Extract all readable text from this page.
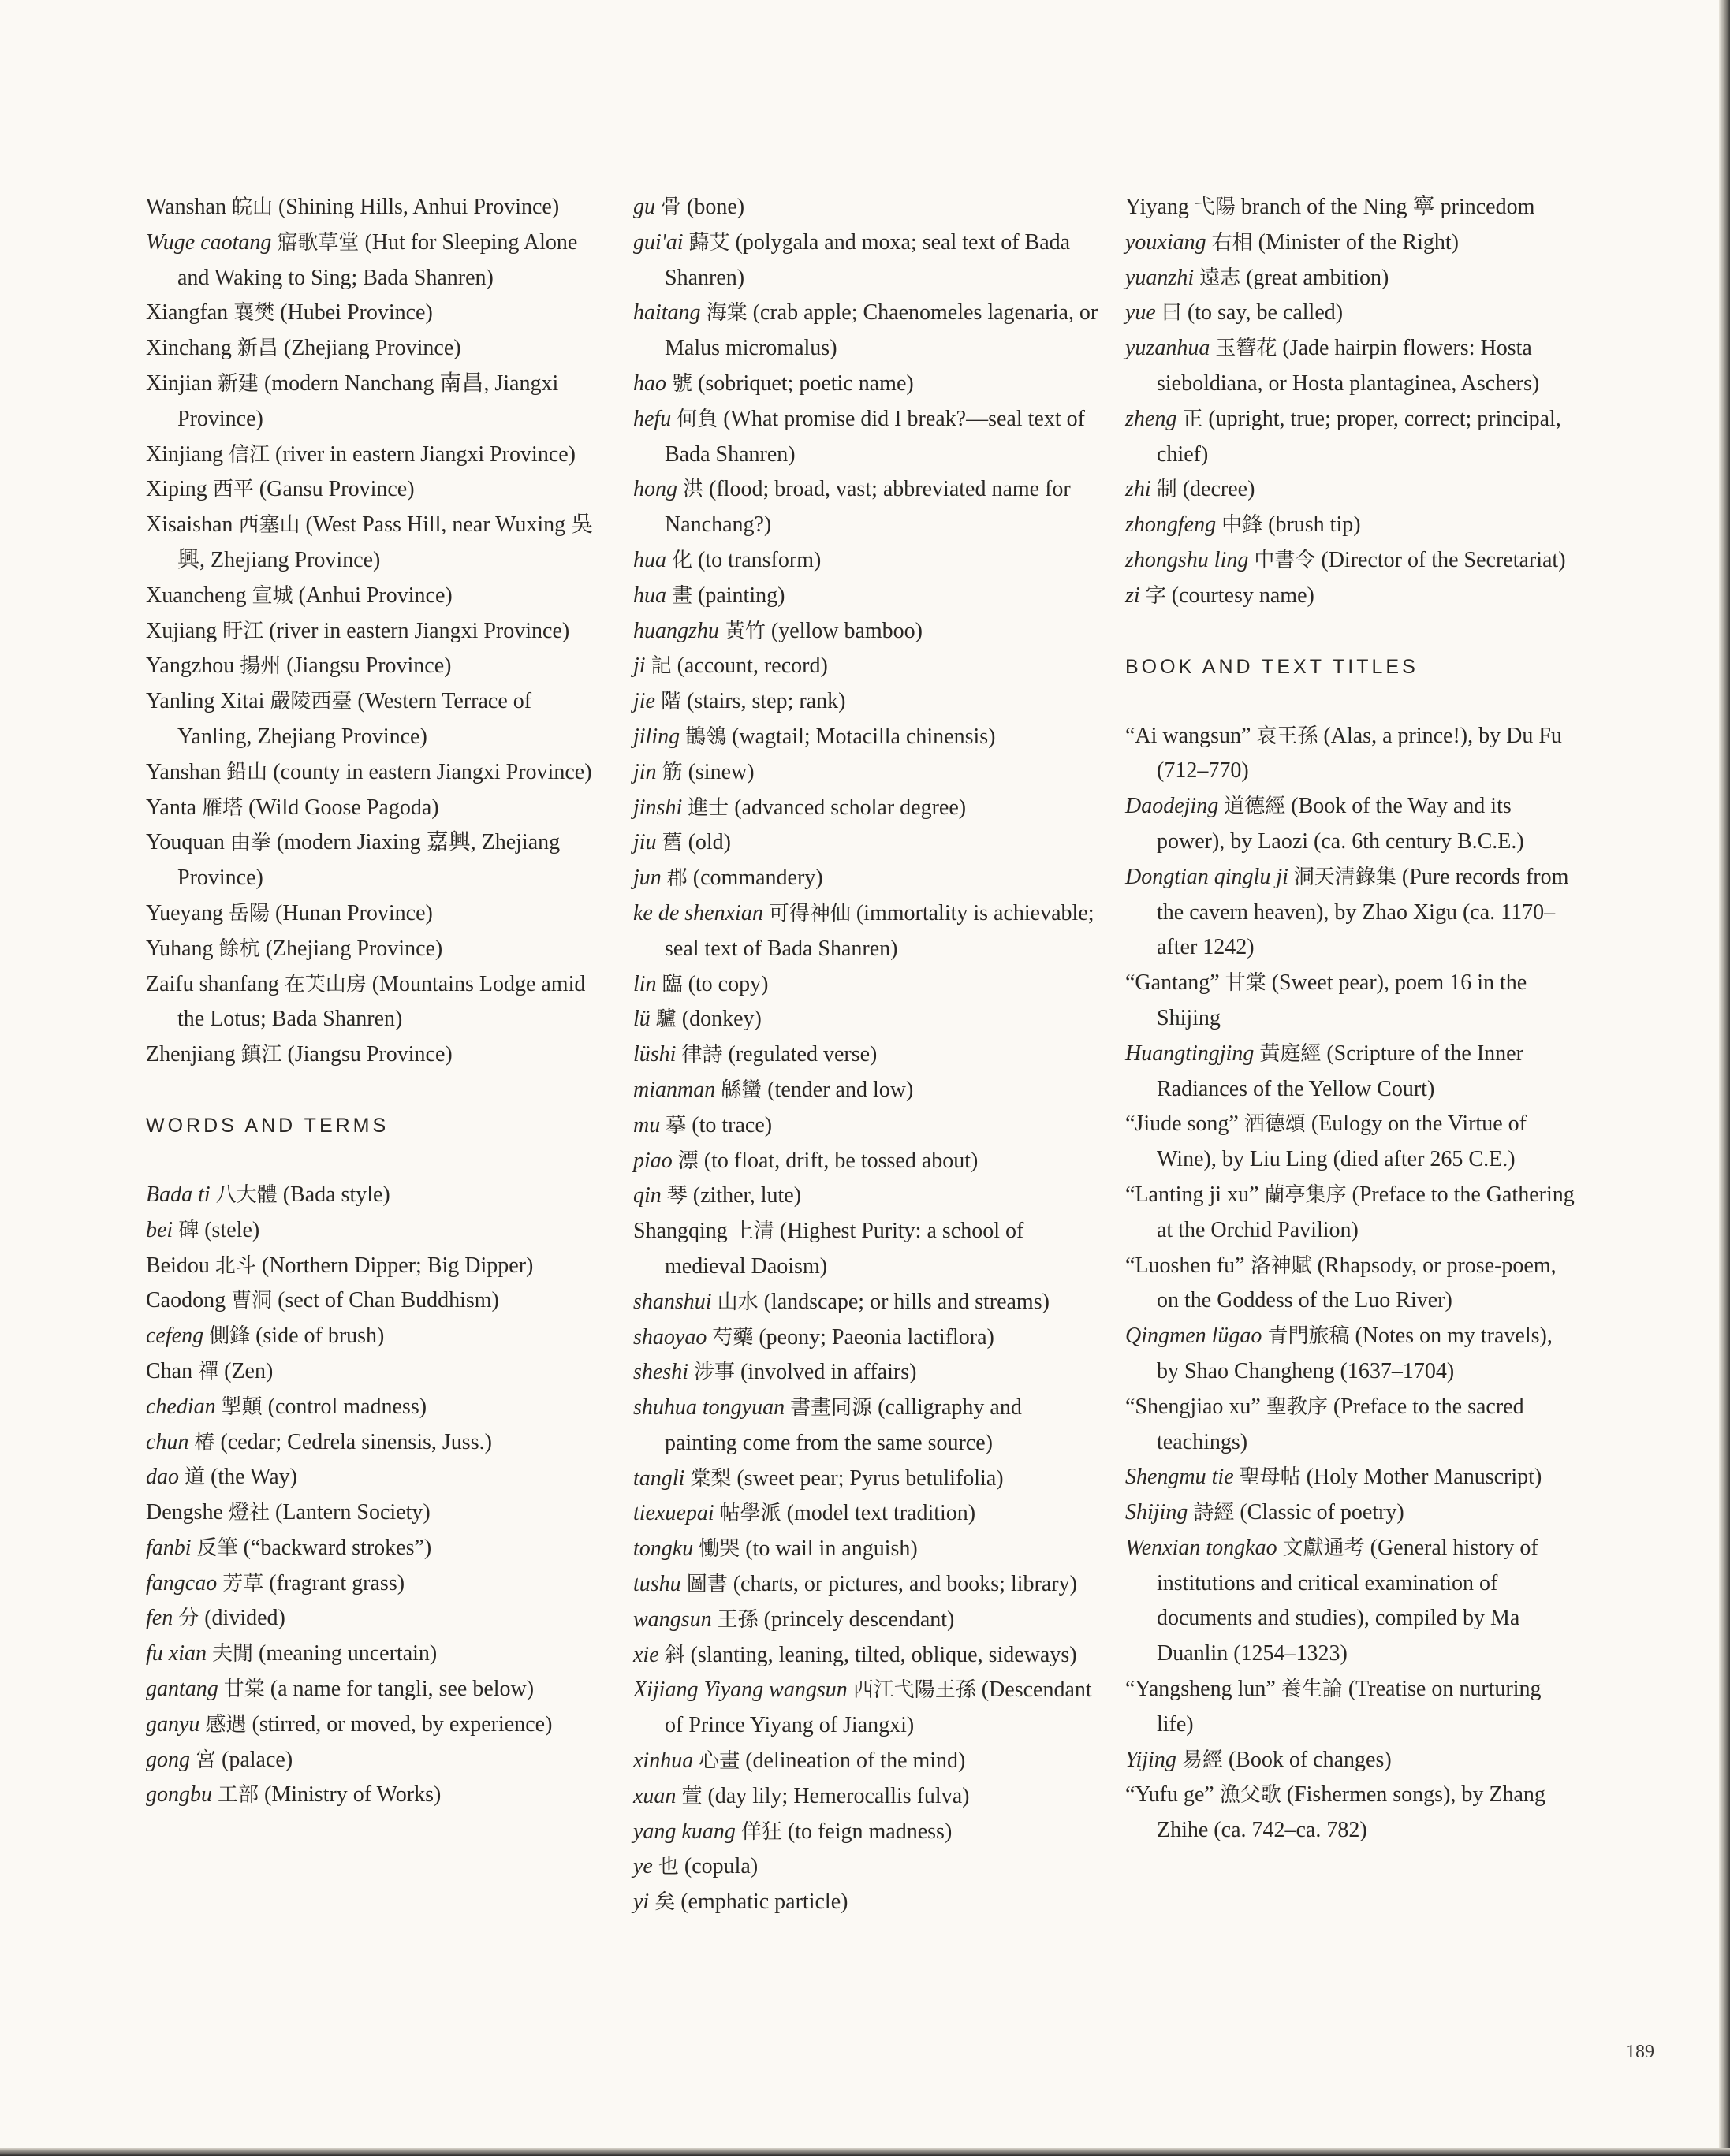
Wanshan 皖山 (Shining Hills, Anhui Province)

Wuge caotang 寤歌草堂 (Hut for Sleeping Alone and Waking to Sing; Bada Shanren)

Xiangfan 襄樊 (Hubei Province)

Xinchang 新昌 (Zhejiang Province)

Xinjian 新建 (modern Nanchang 南昌, Jiangxi Province)

Xinjiang 信江 (river in eastern Jiangxi Province)

Xiping 西平 (Gansu Province)

Xisaishan 西塞山 (West Pass Hill, near Wuxing 吳興, Zhejiang Province)

Xuancheng 宣城 (Anhui Province)

Xujiang 盱江 (river in eastern Jiangxi Province)

Yangzhou 揚州 (Jiangsu Province)

Yanling Xitai 嚴陵西臺 (Western Terrace of Yanling, Zhejiang Province)

Yanshan 鉛山 (county in eastern Jiangxi Province)

Yanta 雁塔 (Wild Goose Pagoda)

Youquan 由拳 (modern Jiaxing 嘉興, Zhejiang Province)

Yueyang 岳陽 (Hunan Province)

Yuhang 餘杭 (Zhejiang Province)

Zaifu shanfang 在芙山房 (Mountains Lodge amid the Lotus; Bada Shanren)

Zhenjiang 鎮江 (Jiangsu Province)

WORDS AND TERMS

Bada ti 八大體 (Bada style)

bei 碑 (stele)

Beidou 北斗 (Northern Dipper; Big Dipper)

Caodong 曹洞 (sect of Chan Buddhism)

cefeng 側鋒 (side of brush)

Chan 禪 (Zen)

chedian 掣顛 (control madness)

chun 椿 (cedar; Cedrela sinensis, Juss.)

dao 道 (the Way)

Dengshe 燈社 (Lantern Society)

fanbi 反筆 (“backward strokes”)

fangcao 芳草 (fragrant grass)

fen 分 (divided)

fu xian 夫閒 (meaning uncertain)

gantang 甘棠 (a name for tangli, see below)

ganyu 感遇 (stirred, or moved, by experience)

gong 宮 (palace)

gongbu 工部 (Ministry of Works)

gu 骨 (bone)

gui'ai 蘬艾 (polygala and moxa; seal text of Bada Shanren)

haitang 海棠 (crab apple; Chaenomeles lagenaria, or Malus micromalus)

hao 號 (sobriquet; poetic name)

hefu 何負 (What promise did I break?—seal text of Bada Shanren)

hong 洪 (flood; broad, vast; abbreviated name for Nanchang?)

hua 化 (to transform)

hua 畫 (painting)

huangzhu 黃竹 (yellow bamboo)

ji 記 (account, record)

jie 階 (stairs, step; rank)

jiling 鵲鴒 (wagtail; Motacilla chinensis)

jin 筋 (sinew)

jinshi 進士 (advanced scholar degree)

jiu 舊 (old)

jun 郡 (commandery)

ke de shenxian 可得神仙 (immortality is achievable; seal text of Bada Shanren)

lin 臨 (to copy)

lü 驢 (donkey)

lüshi 律詩 (regulated verse)

mianman 緜蠻 (tender and low)

mu 摹 (to trace)

piao 漂 (to float, drift, be tossed about)

qin 琴 (zither, lute)

Shangqing 上清 (Highest Purity: a school of medieval Daoism)

shanshui 山水 (landscape; or hills and streams)

shaoyao 芍藥 (peony; Paeonia lactiflora)

sheshi 涉事 (involved in affairs)

shuhua tongyuan 書畫同源 (calligraphy and painting come from the same source)

tangli 棠梨 (sweet pear; Pyrus betulifolia)

tiexuepai 帖學派 (model text tradition)

tongku 慟哭 (to wail in anguish)

tushu 圖書 (charts, or pictures, and books; library)

wangsun 王孫 (princely descendant)

xie 斜 (slanting, leaning, tilted, oblique, sideways)

Xijiang Yiyang wangsun 西江弋陽王孫 (Descendant of Prince Yiyang of Jiangxi)

xinhua 心畫 (delineation of the mind)

xuan 萱 (day lily; Hemerocallis fulva)

yang kuang 佯狂 (to feign madness)

ye 也 (copula)

yi 矣 (emphatic particle)

Yiyang 弋陽 branch of the Ning 寧 princedom

youxiang 右相 (Minister of the Right)

yuanzhi 遠志 (great ambition)

yue 曰 (to say, be called)

yuzanhua 玉簪花 (Jade hairpin flowers: Hosta sieboldiana, or Hosta plantaginea, Aschers)

zheng 正 (upright, true; proper, correct; principal, chief)

zhi 制 (decree)

zhongfeng 中鋒 (brush tip)

zhongshu ling 中書令 (Director of the Secretariat)

zi 字 (courtesy name)

BOOK AND TEXT TITLES

“Ai wangsun” 哀王孫 (Alas, a prince!), by Du Fu (712–770)

Daodejing 道德經 (Book of the Way and its power), by Laozi (ca. 6th century B.C.E.)

Dongtian qinglu ji 洞天清錄集 (Pure records from the cavern heaven), by Zhao Xigu (ca. 1170–after 1242)

“Gantang” 甘棠 (Sweet pear), poem 16 in the Shijing

Huangtingjing 黃庭經 (Scripture of the Inner Radiances of the Yellow Court)

“Jiude song” 酒德頌 (Eulogy on the Virtue of Wine), by Liu Ling (died after 265 C.E.)

“Lanting ji xu” 蘭亭集序 (Preface to the Gathering at the Orchid Pavilion)

“Luoshen fu” 洛神賦 (Rhapsody, or prose-poem, on the Goddess of the Luo River)

Qingmen lügao 青門旅稿 (Notes on my travels), by Shao Changheng (1637–1704)

“Shengjiao xu” 聖教序 (Preface to the sacred teachings)

Shengmu tie 聖母帖 (Holy Mother Manuscript)

Shijing 詩經 (Classic of poetry)

Wenxian tongkao 文獻通考 (General history of institutions and critical examination of documents and studies), compiled by Ma Duanlin (1254–1323)

“Yangsheng lun” 養生論 (Treatise on nurturing life)

Yijing 易經 (Book of changes)

“Yufu ge” 漁父歌 (Fishermen songs), by Zhang Zhihe (ca. 742–ca. 782)

189
